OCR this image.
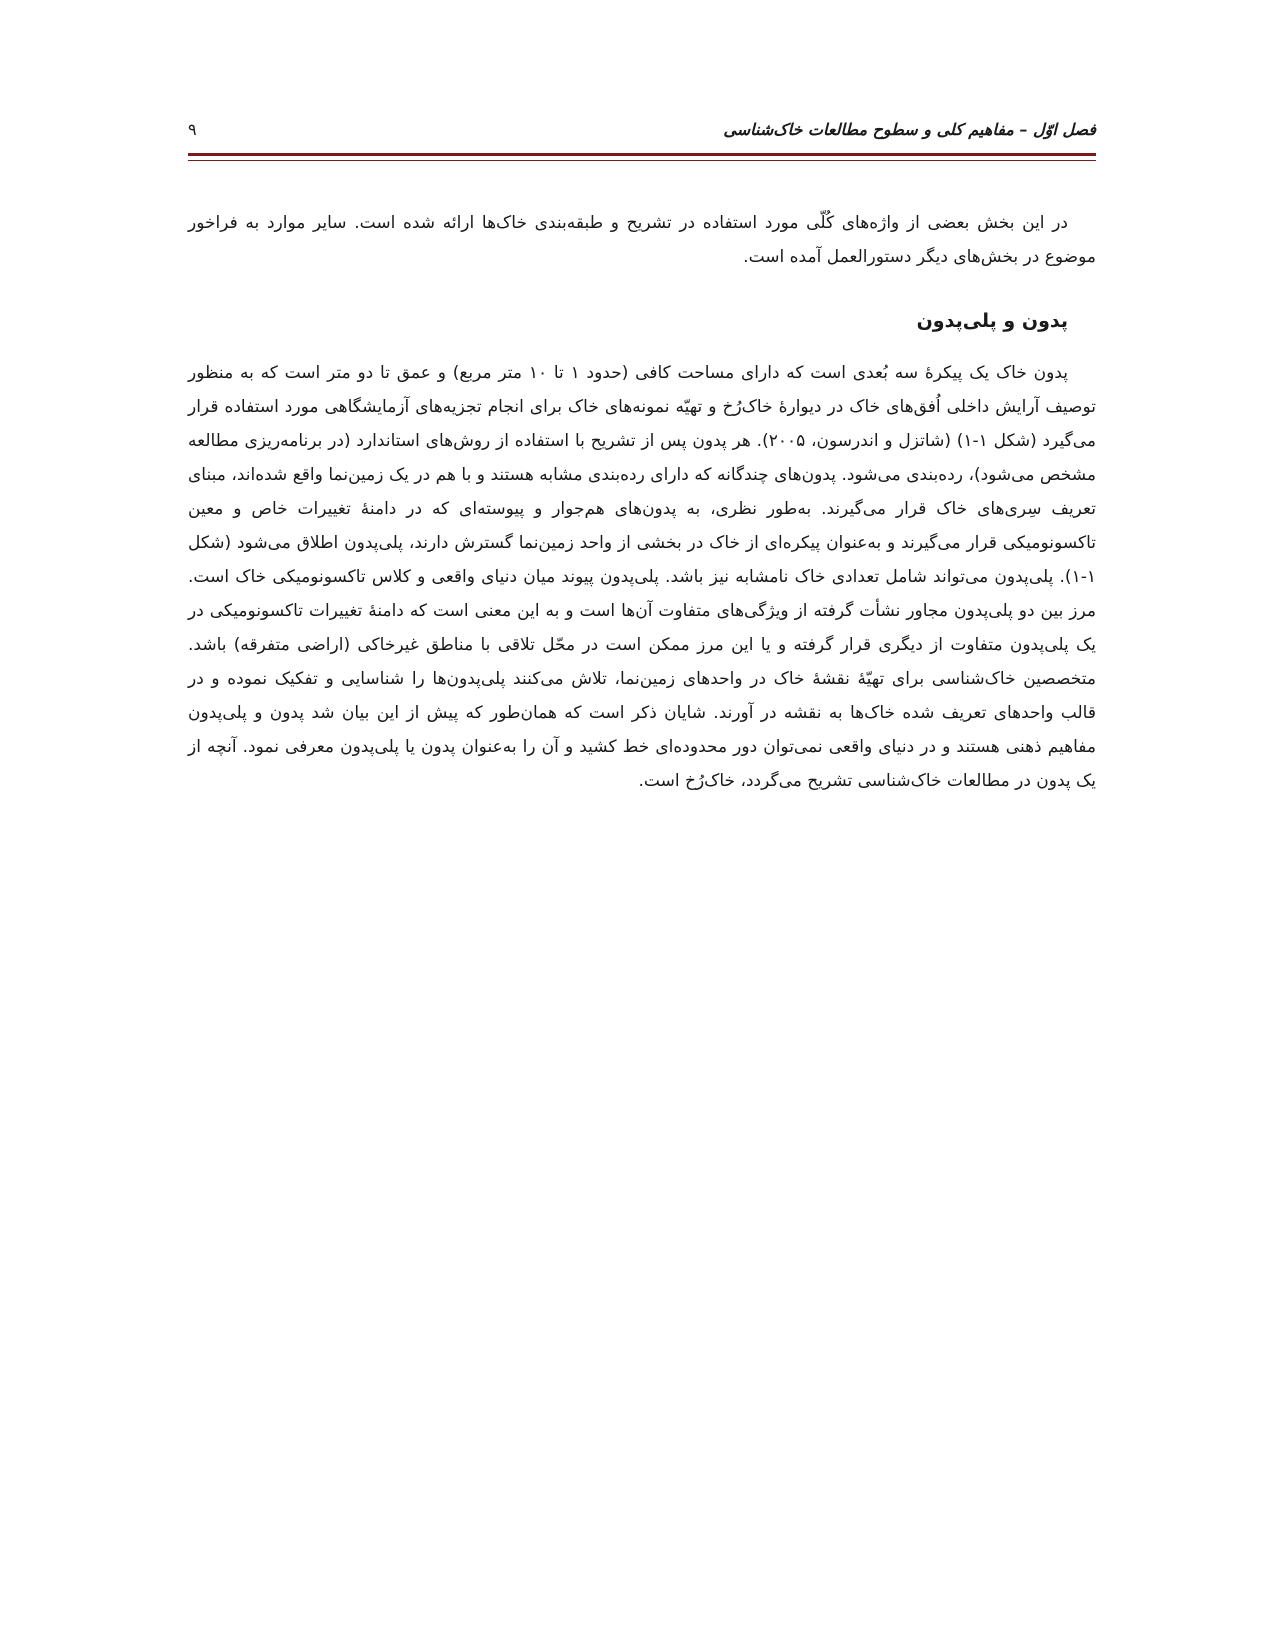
فصل اوّل – مفاهیم کلی و سطوح مطالعات خاک‌شناسی
۹

در این بخش بعضی از واژه‌های کُلّی مورد استفاده در تشریح و طبقه‌بندی خاک‌ها ارائه شده است. سایر موارد به فراخور موضوع در بخش‌های دیگر دستورالعمل آمده است.

پدون و پلی‌پدون

پدون خاک یک پیکرهٔ سه بُعدی است که دارای مساحت کافی (حدود ۱ تا ۱۰ متر مربع) و عمق تا دو متر است که به منظور توصیف آرایش داخلی اُفق‌های خاک در دیوارهٔ خاک‌رُخ و تهیّه نمونه‌های خاک برای انجام تجزیه‌های آزمایشگاهی مورد استفاده قرار می‌گیرد (شکل ۱-۱) (شاتزل و اندرسون، ۲۰۰۵). هر پدون پس از تشریح با استفاده از روش‌های استاندارد (در برنامه‌ریزی مطالعه مشخص می‌شود)، رده‌بندی می‌شود. پدون‌های چندگانه که دارای رده‌بندی مشابه هستند و با هم در یک زمین‌نما واقع شده‌اند، مبنای تعریف سِری‌های خاک قرار می‌گیرند. به‌طور نظری، به پدون‌های هم‌جوار و پیوسته‌ای که در دامنهٔ تغییرات خاص و معین تاکسونومیکی قرار می‌گیرند و به‌عنوان پیکره‌ای از خاک در بخشی از واحد زمین‌نما گسترش دارند، پلی‌پدون اطلاق می‌شود (شکل ۱-۱). پلی‌پدون می‌تواند شامل تعدادی خاک نامشابه نیز باشد. پلی‌پدون پیوند میان دنیای واقعی و کلاس تاکسونومیکی خاک است. مرز بین دو پلی‌پدون مجاور نشأت گرفته از ویژگی‌های متفاوت آن‌ها است و به این معنی است که دامنهٔ تغییرات تاکسونومیکی در یک پلی‌پدون متفاوت از دیگری قرار گرفته و یا این مرز ممکن است در محّل تلاقی با مناطق غیرخاکی (اراضی متفرقه) باشد. متخصصین خاک‌شناسی برای تهیّهٔ نقشهٔ خاک در واحدهای زمین‌نما، تلاش می‌کنند پلی‌پدون‌ها را شناسایی و تفکیک نموده و در قالب واحدهای تعریف شده خاک‌ها به نقشه در آورند. شایان ذکر است که همان‌طور که پیش از این بیان شد پدون و پلی‌پدون مفاهیم ذهنی هستند و در دنیای واقعی نمی‌توان دور محدوده‌ای خط کشید و آن را به‌عنوان پدون یا پلی‌پدون معرفی نمود. آنچه از یک پدون در مطالعات خاک‌شناسی تشریح می‌گردد، خاک‌رُخ است.
